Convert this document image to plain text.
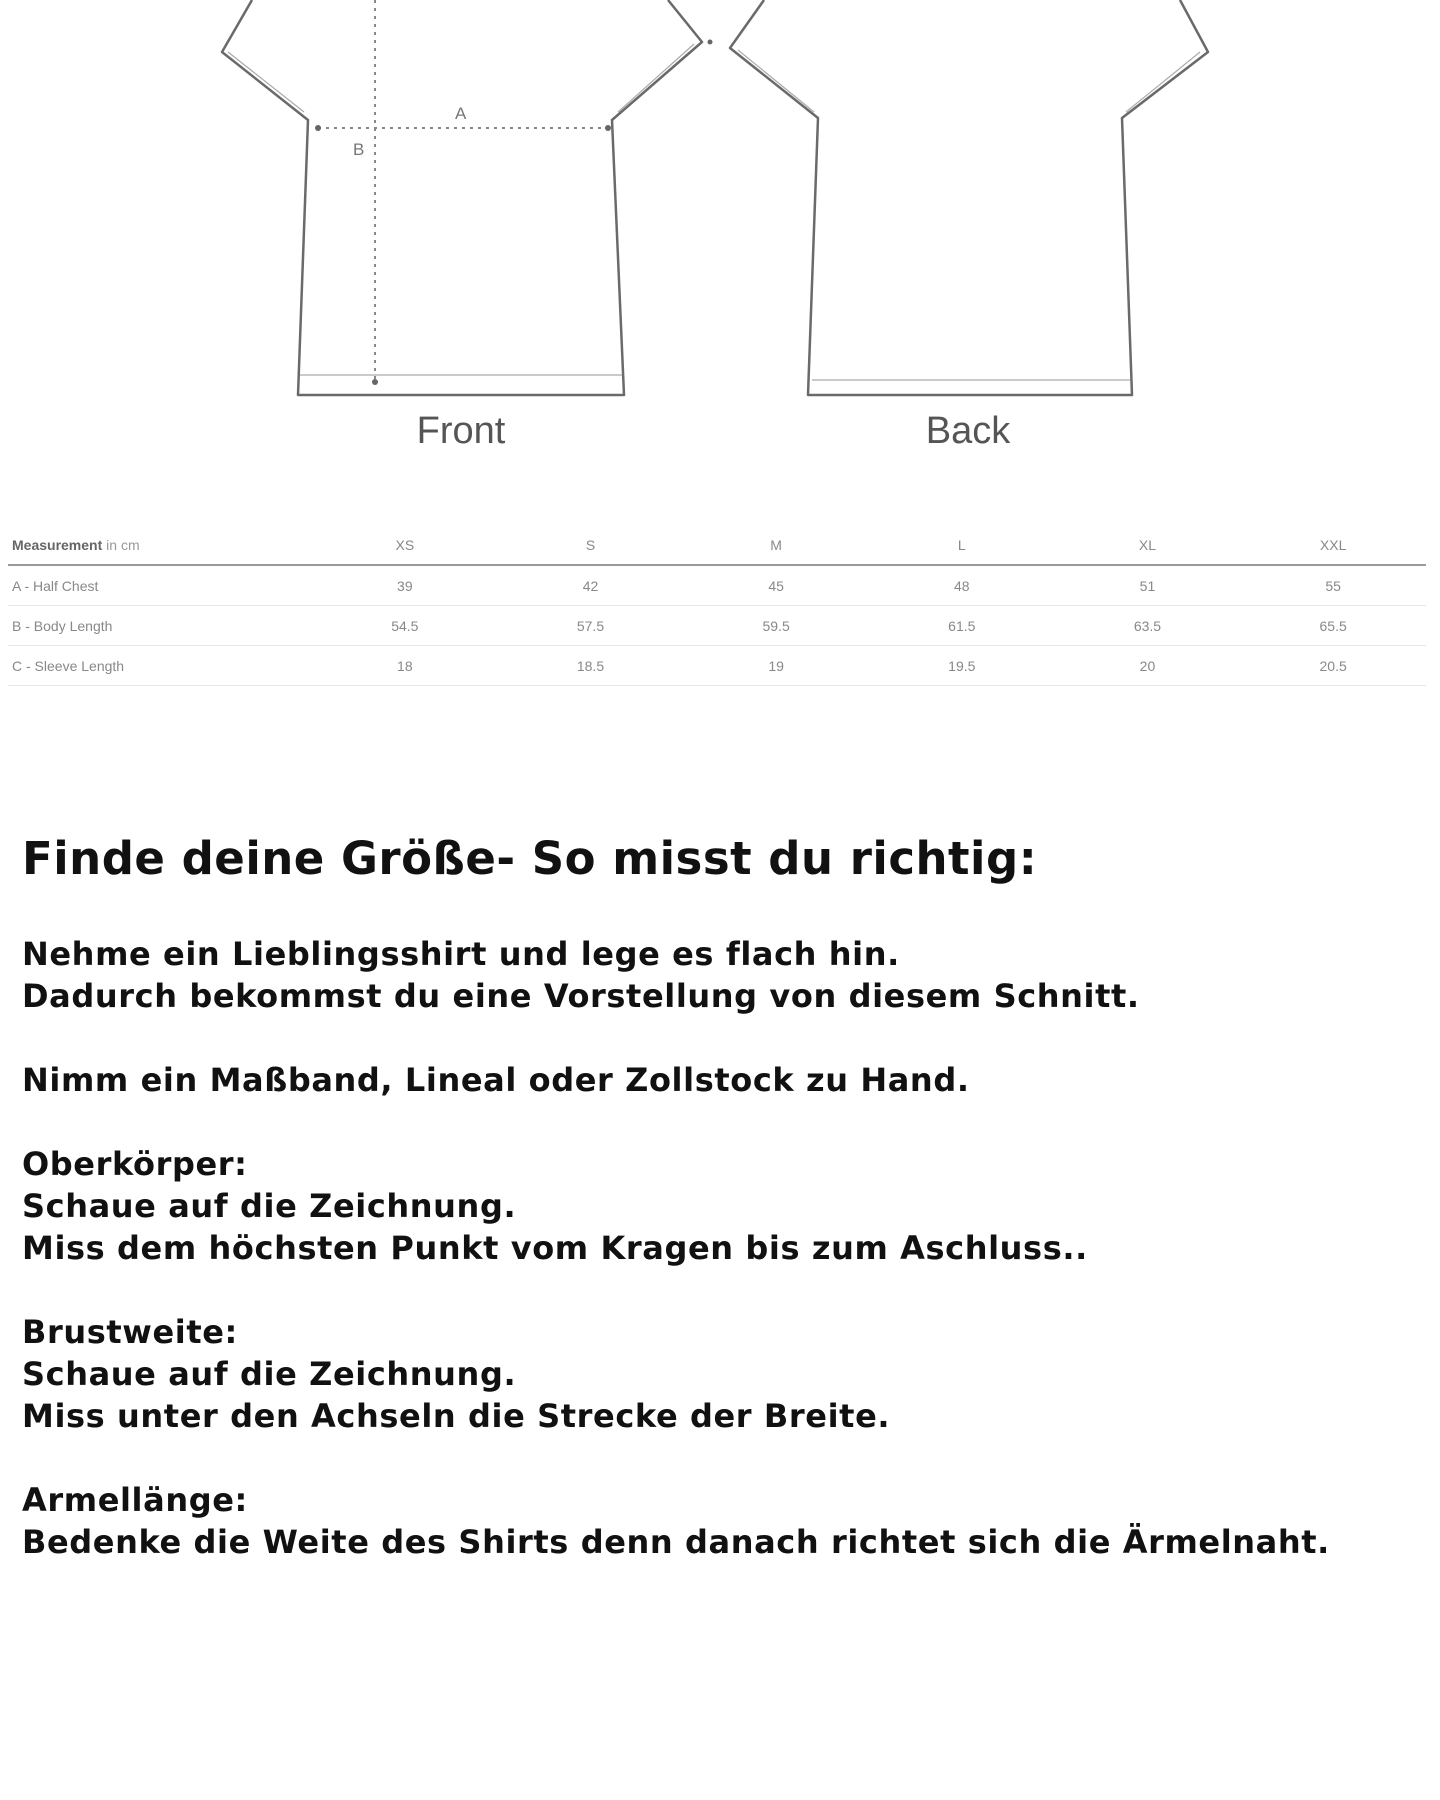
A
B
Front	Back
Measurement in cm	XS	S	M	L	XL	XXL
A - Half Chest	39	42	45	48	51	55
B - Body Length	54.5	57.5	59.5	61.5	63.5	65.5
C - Sleeve Length	18	18.5	19	19.5	20	20.5
Finde deine Größe- So misst du richtig:
Nehme ein Lieblingsshirt und lege es flach hin.
Dadurch bekommst du eine Vorstellung von diesem Schnitt.
Nimm ein Maßband, Lineal oder Zollstock zu Hand.
Oberkörper:
Schaue auf die Zeichnung.
Miss dem höchsten Punkt vom Kragen bis zum Aschluss..
Brustweite:
Schaue auf die Zeichnung.
Miss unter den Achseln die Strecke der Breite.
Armellänge:
Bedenke die Weite des Shirts denn danach richtet sich die Ärmelnaht.
